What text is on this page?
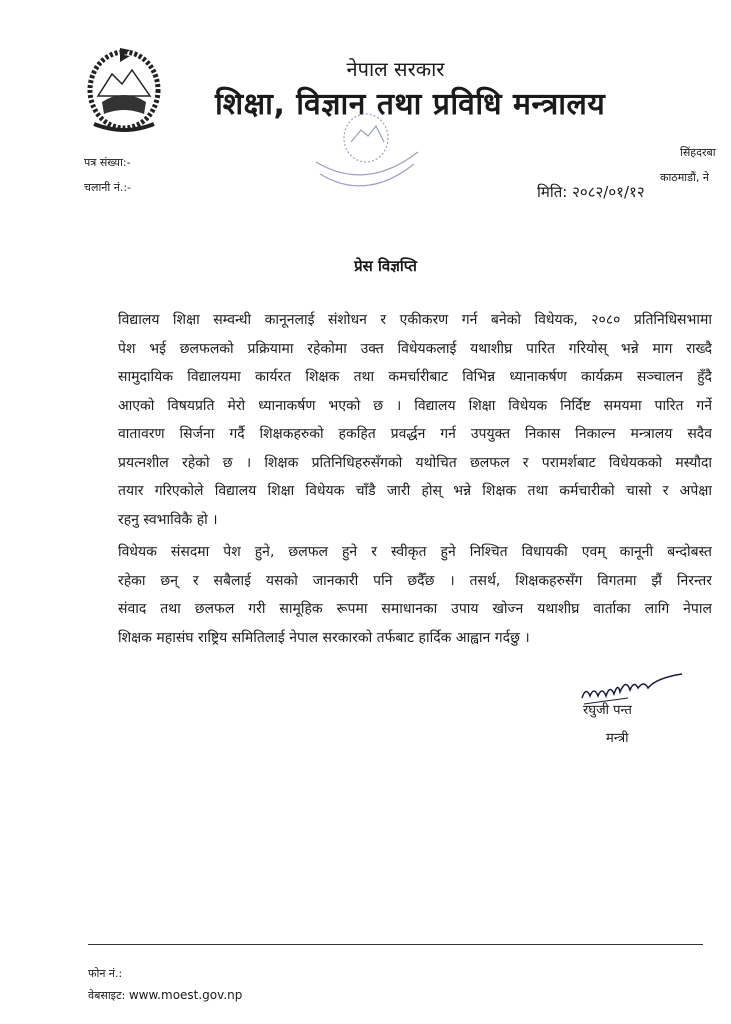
नेपाल सरकार
शिक्षा, विज्ञान तथा प्रविधि मन्त्रालय
पत्र संख्या:-
चलानी नं.:-
सिंहदरबा
काठमाडौं, ने
मिति: २०८२/०१/१२
प्रेस विज्ञप्ति
विद्यालय शिक्षा सम्वन्धी कानूनलाई संशोधन र एकीकरण गर्न बनेको विधेयक, २०८० प्रतिनिधिसभामा
पेश भई छलफलको प्रक्रियामा रहेकोमा उक्त विधेयकलाई यथाशीघ्र पारित गरियोस् भन्ने माग राख्दै
सामुदायिक विद्यालयमा कार्यरत शिक्षक तथा कमर्चारीबाट विभिन्न ध्यानाकर्षण कार्यक्रम सञ्चालन हुँदै
आएको विषयप्रति मेरो ध्यानाकर्षण भएको छ । विद्यालय शिक्षा विधेयक निर्दिष्ट समयमा पारित गर्ने
वातावरण सिर्जना गर्दै शिक्षकहरुको हकहित प्रवर्द्धन गर्न उपयुक्त निकास निकाल्न मन्त्रालय सदैव
प्रयत्नशील रहेको छ । शिक्षक प्रतिनिधिहरुसँगको यथोचित छलफल र परामर्शबाट विधेयकको मस्यौदा
तयार गरिएकोले विद्यालय शिक्षा विधेयक चाँडै जारी होस् भन्ने शिक्षक तथा कर्मचारीको चासो र अपेक्षा
रहनु स्वभाविकै हो ।
विधेयक संसदमा पेश हुने, छलफल हुने र स्वीकृत हुने निश्चित विधायकी एवम् कानूनी बन्दोबस्त
रहेका छन् र सबैलाई यसको जानकारी पनि छदैँछ । तसर्थ, शिक्षकहरुसँग विगतमा झैं निरन्तर
संवाद तथा छलफल गरी सामूहिक रूपमा समाधानका उपाय खोज्न यथाशीघ्र वार्ताका लागि नेपाल
शिक्षक महासंघ राष्ट्रिय समितिलाई नेपाल सरकारको तर्फबाट हार्दिक आह्वान गर्दछु ।
रघुजी पन्त
मन्त्री
फोन नं.:
वेबसाइट: www.moest.gov.np
